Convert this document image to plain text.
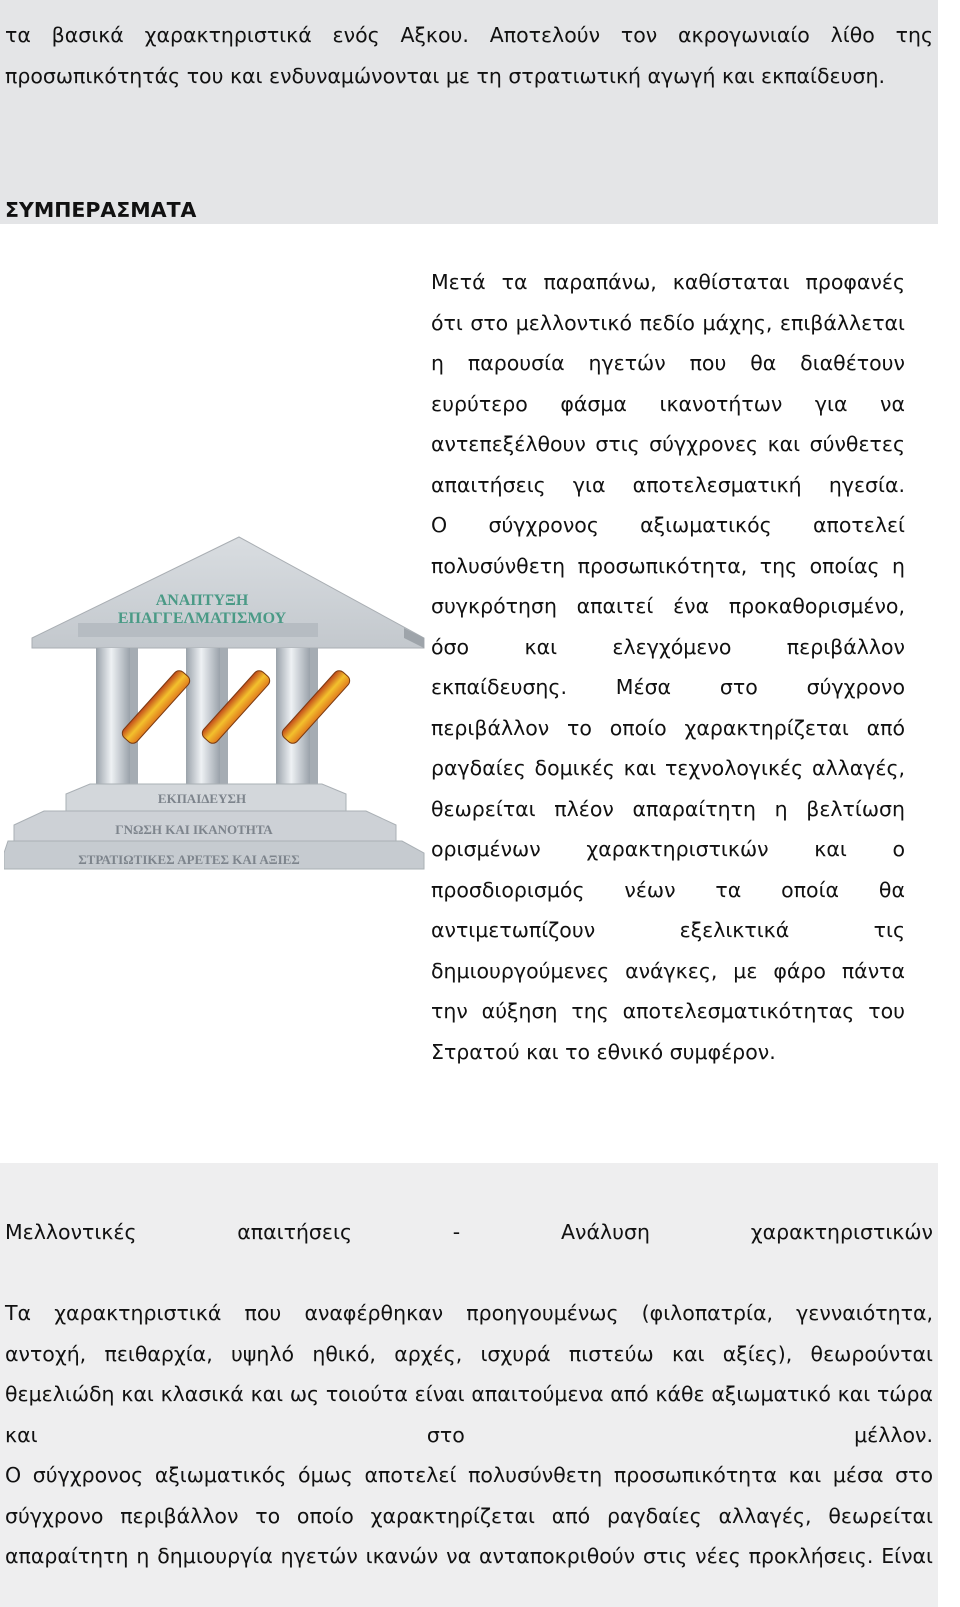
τα βασικά χαρακτηριστικά ενός Αξκου. Αποτελούν τον ακρογωνιαίο λίθο της
προσωπικότητάς του και ενδυναμώνονται με τη στρατιωτική αγωγή και εκπαίδευση.

ΣΥΜΠΕΡΑΣΜΑΤΑ

Μετά τα παραπάνω, καθίσταται προφανές
ότι στο μελλοντικό πεδίο μάχης, επιβάλλεται
η παρουσία ηγετών που θα διαθέτουν
ευρύτερο φάσμα ικανοτήτων για να
αντεπεξέλθουν στις σύγχρονες και σύνθετες
απαιτήσεις για αποτελεσματική ηγεσία.
Ο σύγχρονος αξιωματικός αποτελεί
πολυσύνθετη προσωπικότητα, της οποίας η
συγκρότηση απαιτεί ένα προκαθορισμένο,
όσο και ελεγχόμενο περιβάλλον
εκπαίδευσης. Μέσα στο σύγχρονο
περιβάλλον το οποίο χαρακτηρίζεται από
ραγδαίες δομικές και τεχνολογικές αλλαγές,
θεωρείται πλέον απαραίτητη η βελτίωση
ορισμένων χαρακτηριστικών και ο
προσδιορισμός νέων τα οποία θα
αντιμετωπίζουν εξελικτικά τις
δημιουργούμενες ανάγκες, με φάρο πάντα
την αύξηση της αποτελεσματικότητας του
Στρατού και το εθνικό συμφέρον.

ΑΝΑΠΤΥΞΗ
ΕΠΑΓΓΕΛΜΑΤΙΣΜΟΥ
ΕΚΠΑΙΔΕΥΣΗ
ΓΝΩΣΗ ΚΑΙ ΙΚΑΝΟΤΗΤΑ
ΣΤΡΑΤΙΩΤΙΚΕΣ ΑΡΕΤΕΣ ΚΑΙ ΑΞΙΕΣ

Μελλοντικές	απαιτήσεις	-	Ανάλυση	χαρακτηριστικών

Τα χαρακτηριστικά που αναφέρθηκαν προηγουμένως (φιλοπατρία, γενναιότητα,
αντοχή, πειθαρχία, υψηλό ηθικό, αρχές, ισχυρά πιστεύω και αξίες), θεωρούνται
θεμελιώδη και κλασικά και ως τοιούτα είναι απαιτούμενα από κάθε αξιωματικό και τώρα
και στο μέλλον.
Ο σύγχρονος αξιωματικός όμως αποτελεί πολυσύνθετη προσωπικότητα και μέσα στο
σύγχρονο περιβάλλον το οποίο χαρακτηρίζεται από ραγδαίες αλλαγές, θεωρείται
απαραίτητη η δημιουργία ηγετών ικανών να ανταποκριθούν στις νέες προκλήσεις. Είναι
